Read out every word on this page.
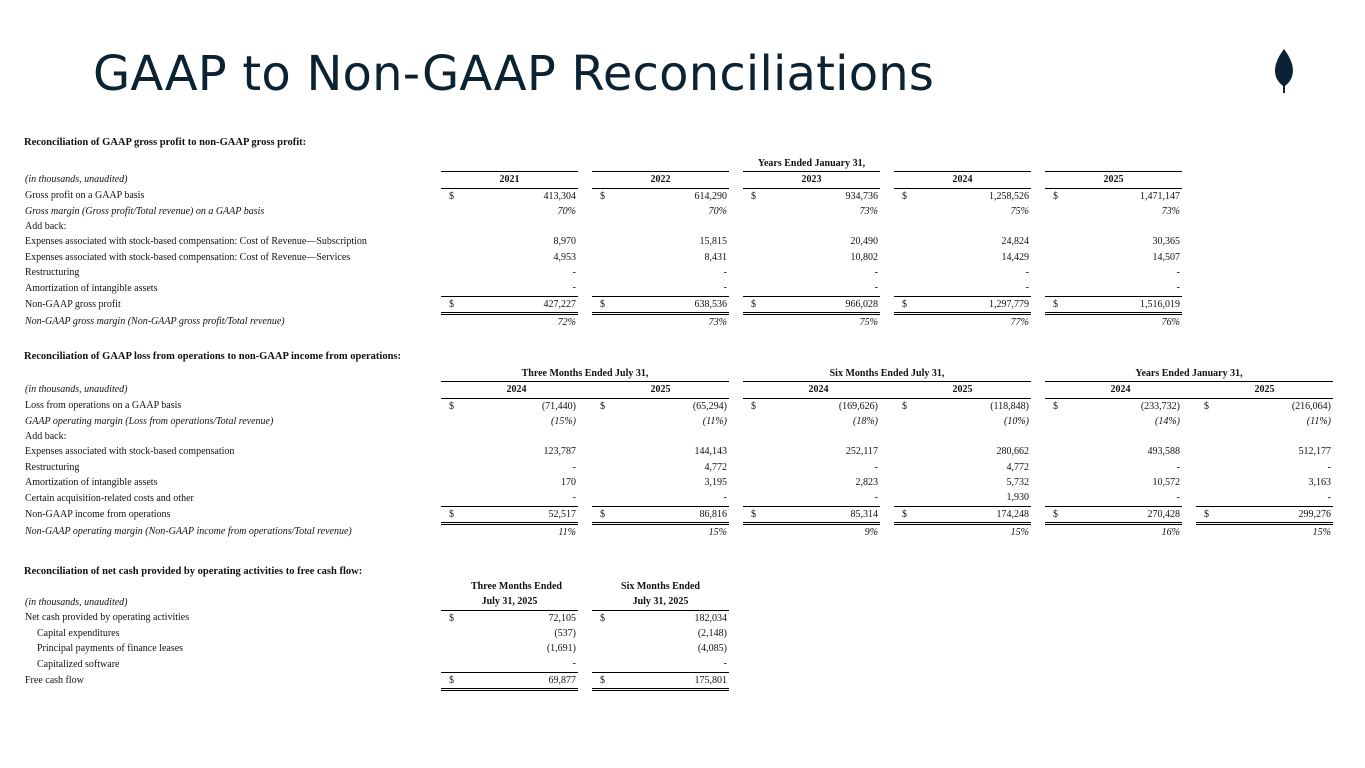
GAAP to Non-GAAP Reconciliations
Reconciliation of GAAP gross profit to non-GAAP gross profit:
	Years Ended January 31,													
(in thousands, unaudited)	2021			2022			2023			2024			2025	
Gross profit on a GAAP basis	$	413,304		$	614,290		$	934,736		$	1,258,526		$	1,471,147
Gross margin (Gross profit/Total revenue) on a GAAP basis		70%			70%			73%			75%			73%
Add back:														
Expenses associated with stock-based compensation: Cost of Revenue—Subscription		8,970			15,815			20,490			24,824			30,365
Expenses associated with stock-based compensation: Cost of Revenue—Services		4,953			8,431			10,802			14,429			14,507
Restructuring		-			-			-			-			-
Amortization of intangible assets		-			-			-			-			-
Non-GAAP gross profit	$	427,227		$	638,536		$	966,028		$	1,297,779		$	1,516,019
Non-GAAP gross margin (Non-GAAP gross profit/Total revenue)		72%			73%			75%			77%			76%
Reconciliation of GAAP loss from operations to non-GAAP income from operations:
	Three Months Ended July 31,						Six Months Ended July 31,						Years Ended January 31,				
(in thousands, unaudited)	2024			2025			2024			2025			2024			2025	
Loss from operations on a GAAP basis	$	(71,440)		$	(65,294)		$	(169,626)		$	(118,848)		$	(233,732)		$	(216,064)
GAAP operating margin (Loss from operations/Total revenue)		(15%)			(11%)			(18%)			(10%)			(14%)			(11%)
Add back:																	
Expenses associated with stock-based compensation		123,787			144,143			252,117			280,662			493,588			512,177
Restructuring		-			4,772			-			4,772			-			-
Amortization of intangible assets		170			3,195			2,823			5,732			10,572			3,163
Certain acquisition-related costs and other		-			-			-			1,930			-			-
Non-GAAP income from operations	$	52,517		$	86,816		$	85,314		$	174,248		$	270,428		$	299,276
Non-GAAP operating margin (Non-GAAP income from operations/Total revenue)		11%			15%			9%			15%			16%			15%
Reconciliation of net cash provided by operating activities to free cash flow:
	Three Months Ended			Six Months Ended	
(in thousands, unaudited)	July 31, 2025			July 31, 2025	
Net cash provided by operating activities	$	72,105		$	182,034
Capital expenditures		(537)			(2,148)
Principal payments of finance leases		(1,691)			(4,085)
Capitalized software		-			-
Free cash flow	$	69,877		$	175,801
